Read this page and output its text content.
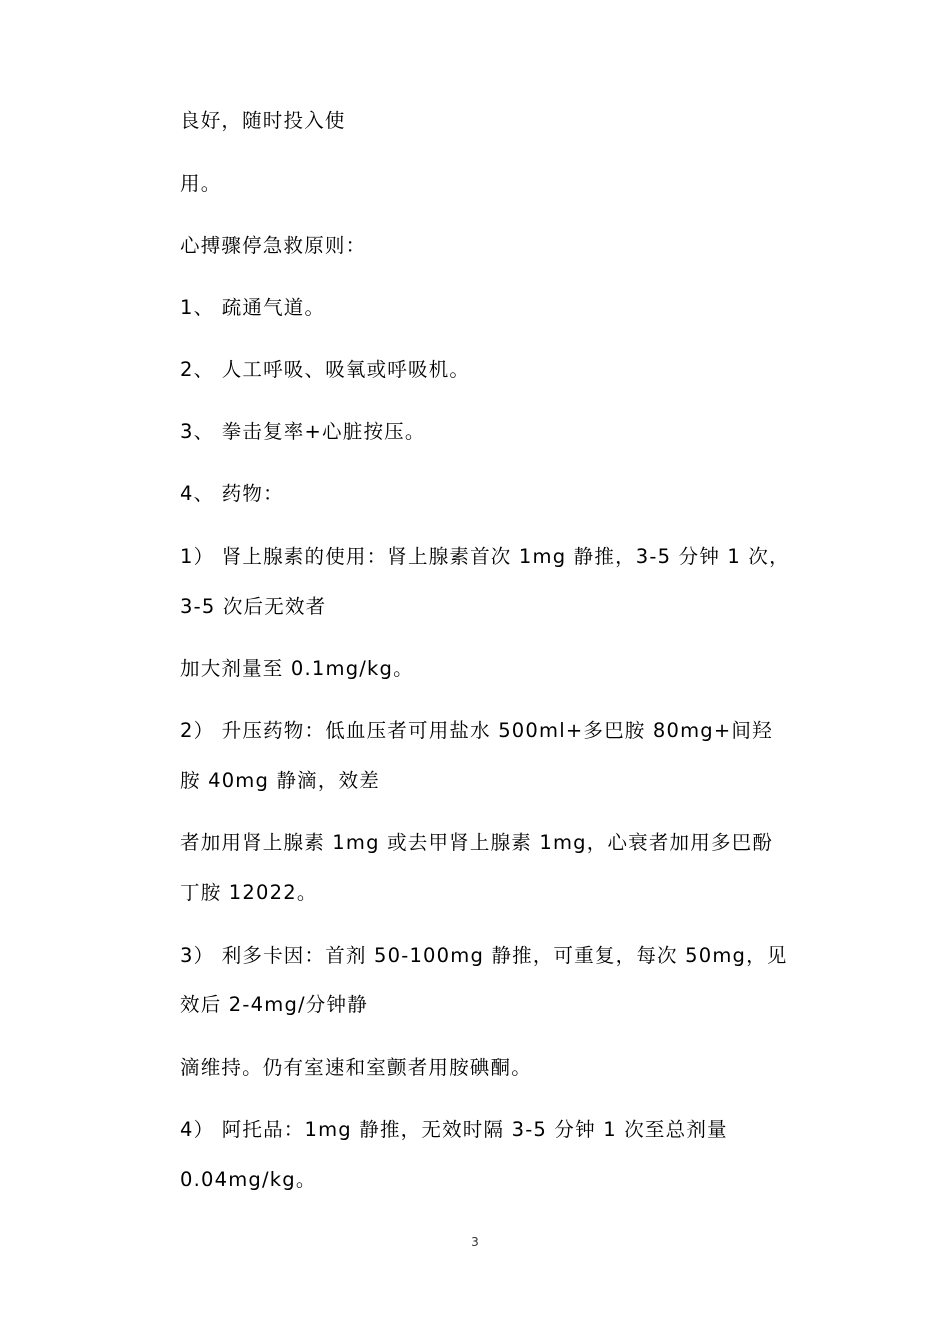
良好，随时投入使
用。
心搏骤停急救原则：
1、 疏通气道。
2、 人工呼吸、吸氧或呼吸机。
3、 拳击复率+心脏按压。
4、 药物：
1） 肾上腺素的使用：肾上腺素首次 1mg 静推，3-5 分钟 1 次，
3-5 次后无效者
加大剂量至 0.1mg/kg。
2） 升压药物：低血压者可用盐水 500ml+多巴胺 80mg+间羟
胺 40mg 静滴，效差
者加用肾上腺素 1mg 或去甲肾上腺素 1mg，心衰者加用多巴酚
丁胺 12022。
3） 利多卡因：首剂 50-100mg 静推，可重复，每次 50mg，见
效后 2-4mg/分钟静
滴维持。仍有室速和室颤者用胺碘酮。
4） 阿托品：1mg 静推，无效时隔 3-5 分钟 1 次至总剂量
0.04mg/kg。
3
